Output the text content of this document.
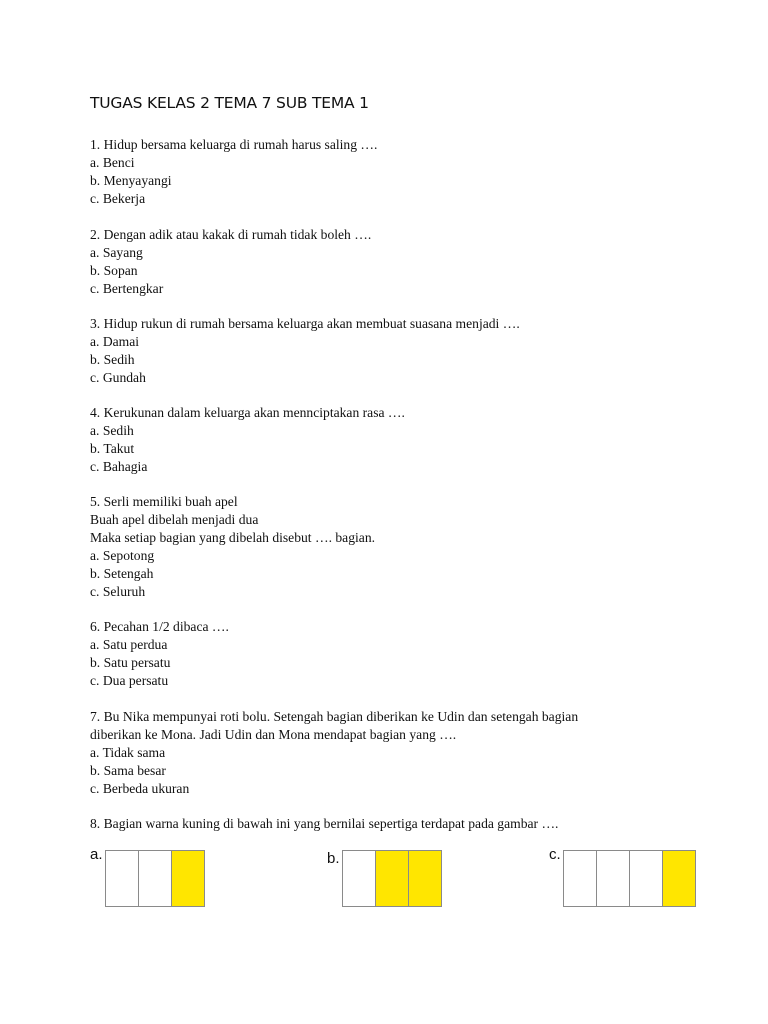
TUGAS KELAS 2 TEMA 7 SUB TEMA 1
1. Hidup bersama keluarga di rumah harus saling ….
a. Benci
b. Menyayangi
c. Bekerja
2. Dengan adik atau kakak di rumah tidak boleh ….
a. Sayang
b. Sopan
c. Bertengkar
3. Hidup rukun di rumah bersama keluarga akan membuat suasana menjadi ….
a. Damai
b. Sedih
c. Gundah
4. Kerukunan dalam keluarga akan mennciptakan rasa ….
a. Sedih
b. Takut
c. Bahagia
5. Serli memiliki buah apel
Buah apel dibelah menjadi dua
Maka setiap bagian yang dibelah disebut …. bagian.
a. Sepotong
b. Setengah
c. Seluruh
6. Pecahan 1/2 dibaca ….
a. Satu perdua
b. Satu persatu
c. Dua persatu
7. Bu Nika mempunyai roti bolu. Setengah bagian diberikan ke Udin dan setengah bagian
diberikan ke Mona. Jadi Udin dan Mona mendapat bagian yang ….
a. Tidak sama
b. Sama besar
c. Berbeda ukuran
8. Bagian warna kuning di bawah ini yang bernilai sepertiga terdapat pada gambar ….
a.	b.	c.
